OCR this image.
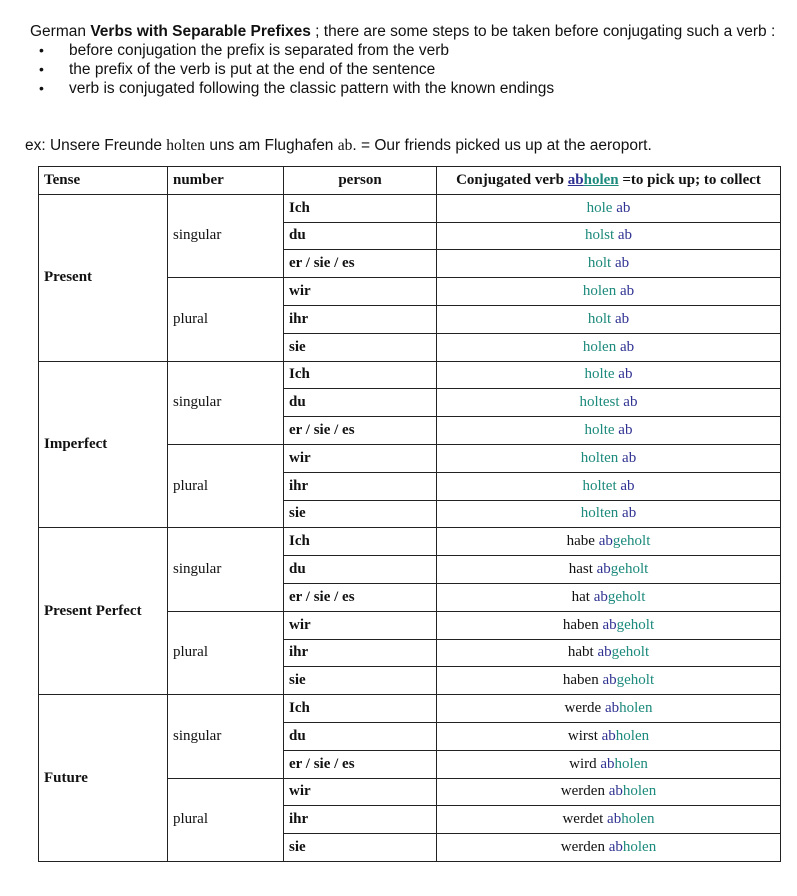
German Verbs with Separable Prefixes ; there are some steps to be taken before conjugating such a verb :
• before conjugation the prefix is separated from the verb
• the prefix of the verb is put at the end of the sentence
• verb is conjugated following the classic pattern with the known endings
ex: Unsere Freunde holten uns am Flughafen ab. = Our friends picked us up at the aeroport.
Tense	number	person	Conjugated verb abholen =to pick up; to collect
Present	singular	Ich	hole ab
		du	holst ab
		er / sie / es	holt ab
	plural	wir	holen ab
		ihr	holt ab
		sie	holen ab
Imperfect	singular	Ich	holte ab
		du	holtest ab
		er / sie / es	holte ab
	plural	wir	holten ab
		ihr	holtet ab
		sie	holten ab
Present Perfect	singular	Ich	habe abgeholt
		du	hast abgeholt
		er / sie / es	hat abgeholt
	plural	wir	haben abgeholt
		ihr	habt abgeholt
		sie	haben abgeholt
Future	singular	Ich	werde abholen
		du	wirst abholen
		er / sie / es	wird abholen
	plural	wir	werden abholen
		ihr	werdet abholen
		sie	werden abholen
